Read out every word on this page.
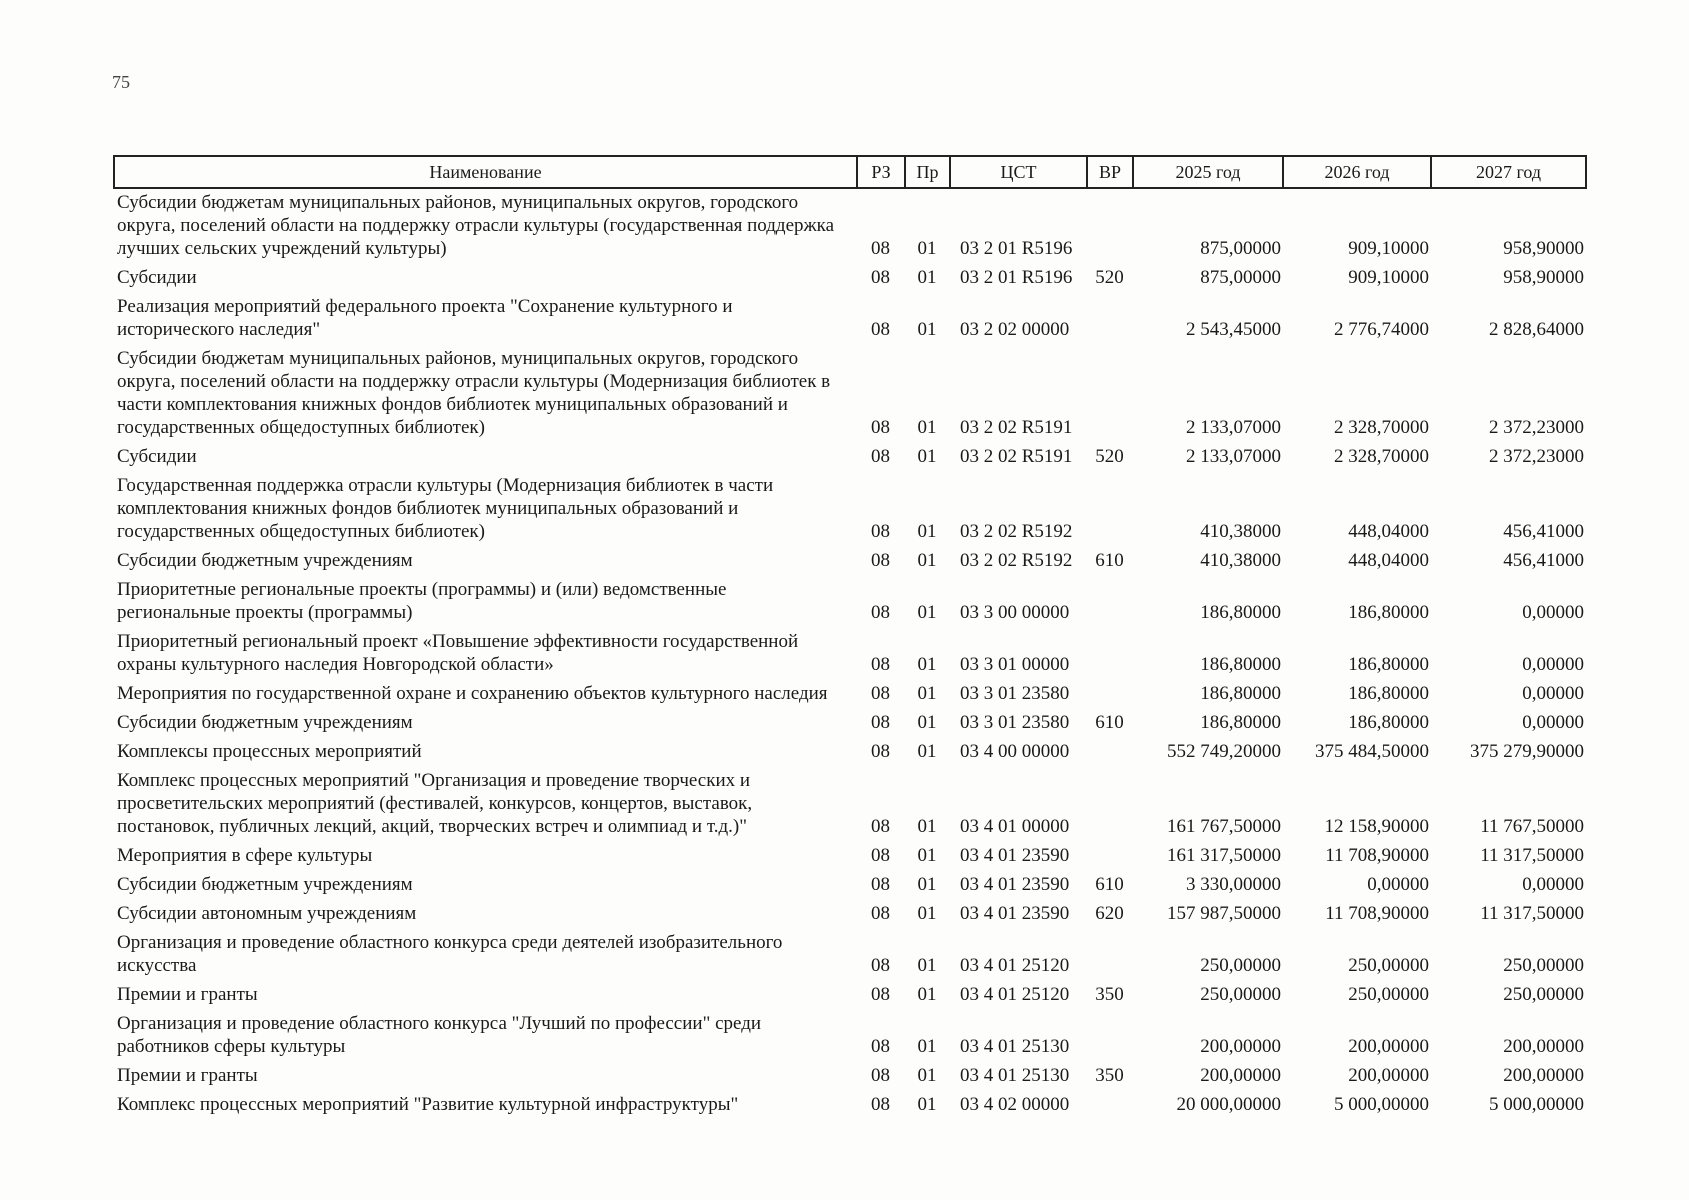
75
Наименование	РЗ	Пр	ЦСТ	ВР	2025 год	2026 год	2027 год
Субсидии бюджетам муниципальных районов, муниципальных округов, городского округа, поселений области на поддержку отрасли культуры (государственная поддержка лучших сельских учреждений культуры)	08	01	03 2 01 R5196		875,00000	909,10000	958,90000
Субсидии	08	01	03 2 01 R5196	520	875,00000	909,10000	958,90000
Реализация мероприятий федерального проекта "Сохранение культурного и исторического наследия"	08	01	03 2 02 00000		2 543,45000	2 776,74000	2 828,64000
Субсидии бюджетам муниципальных районов, муниципальных округов, городского округа, поселений области на поддержку отрасли культуры (Модернизация библиотек в части комплектования книжных фондов библиотек муниципальных образований и государственных общедоступных библиотек)	08	01	03 2 02 R5191		2 133,07000	2 328,70000	2 372,23000
Субсидии	08	01	03 2 02 R5191	520	2 133,07000	2 328,70000	2 372,23000
Государственная поддержка отрасли культуры (Модернизация библиотек в части комплектования книжных фондов библиотек муниципальных образований и государственных общедоступных библиотек)	08	01	03 2 02 R5192		410,38000	448,04000	456,41000
Субсидии бюджетным учреждениям	08	01	03 2 02 R5192	610	410,38000	448,04000	456,41000
Приоритетные региональные проекты (программы) и (или) ведомственные региональные проекты (программы)	08	01	03 3 00 00000		186,80000	186,80000	0,00000
Приоритетный региональный проект «Повышение эффективности государственной охраны культурного наследия Новгородской области»	08	01	03 3 01 00000		186,80000	186,80000	0,00000
Мероприятия по государственной охране и сохранению объектов культурного наследия	08	01	03 3 01 23580		186,80000	186,80000	0,00000
Субсидии бюджетным учреждениям	08	01	03 3 01 23580	610	186,80000	186,80000	0,00000
Комплексы процессных мероприятий	08	01	03 4 00 00000		552 749,20000	375 484,50000	375 279,90000
Комплекс процессных мероприятий "Организация и проведение творческих и просветительских мероприятий (фестивалей, конкурсов, концертов, выставок, постановок, публичных лекций, акций, творческих встреч и олимпиад и т.д.)"	08	01	03 4 01 00000		161 767,50000	12 158,90000	11 767,50000
Мероприятия в сфере культуры	08	01	03 4 01 23590		161 317,50000	11 708,90000	11 317,50000
Субсидии бюджетным учреждениям	08	01	03 4 01 23590	610	3 330,00000	0,00000	0,00000
Субсидии автономным учреждениям	08	01	03 4 01 23590	620	157 987,50000	11 708,90000	11 317,50000
Организация и проведение областного конкурса среди деятелей изобразительного искусства	08	01	03 4 01 25120		250,00000	250,00000	250,00000
Премии и гранты	08	01	03 4 01 25120	350	250,00000	250,00000	250,00000
Организация и проведение областного конкурса "Лучший по профессии" среди работников сферы культуры	08	01	03 4 01 25130		200,00000	200,00000	200,00000
Премии и гранты	08	01	03 4 01 25130	350	200,00000	200,00000	200,00000
Комплекс процессных мероприятий "Развитие культурной инфраструктуры"	08	01	03 4 02 00000		20 000,00000	5 000,00000	5 000,00000
